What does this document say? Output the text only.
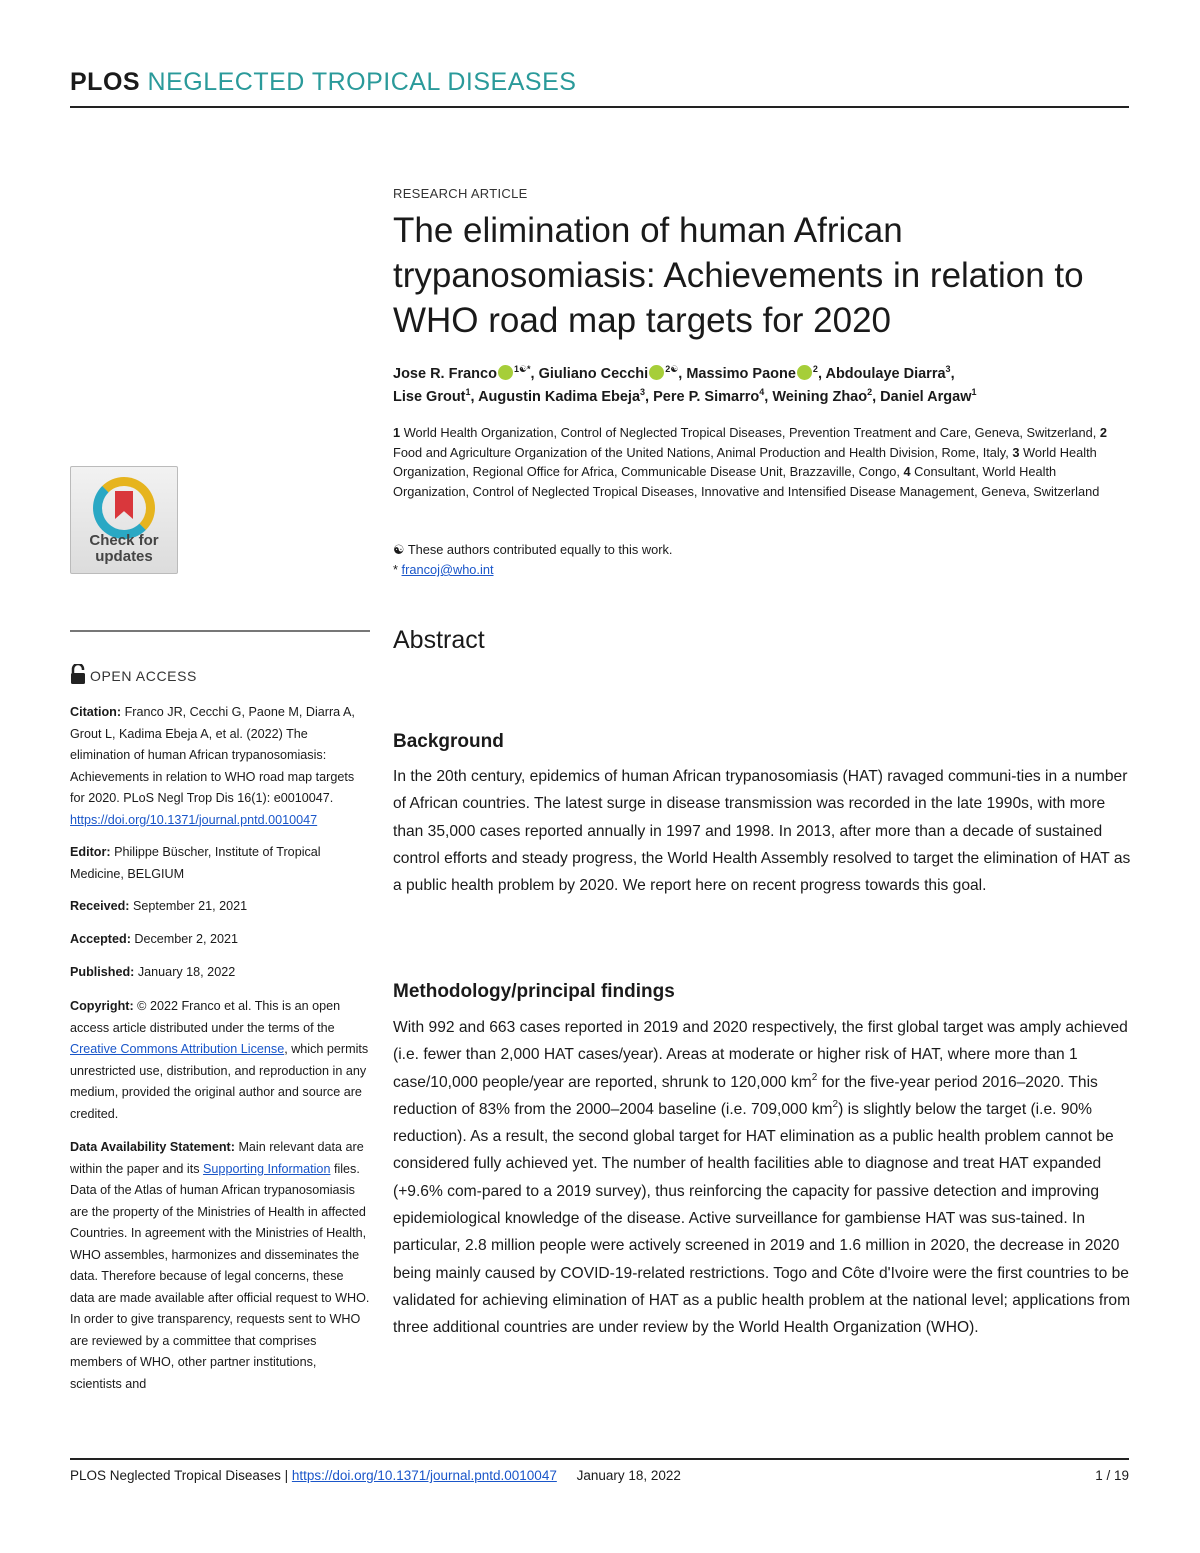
PLOS NEGLECTED TROPICAL DISEASES
Check for
updates
OPEN ACCESS
Citation: Franco JR, Cecchi G, Paone M, Diarra A, Grout L, Kadima Ebeja A, et al. (2022) The elimination of human African trypanosomiasis: Achievements in relation to WHO road map targets for 2020. PLoS Negl Trop Dis 16(1): e0010047. https://doi.org/10.1371/journal.pntd.0010047
Editor: Philippe Büscher, Institute of Tropical Medicine, BELGIUM
Received: September 21, 2021
Accepted: December 2, 2021
Published: January 18, 2022
Copyright: © 2022 Franco et al. This is an open access article distributed under the terms of the Creative Commons Attribution License, which permits unrestricted use, distribution, and reproduction in any medium, provided the original author and source are credited.
Data Availability Statement: Main relevant data are within the paper and its Supporting Information files. Data of the Atlas of human African trypanosomiasis are the property of the Ministries of Health in affected Countries. In agreement with the Ministries of Health, WHO assembles, harmonizes and disseminates the data. Therefore because of legal concerns, these data are made available after official request to WHO. In order to give transparency, requests sent to WHO are reviewed by a committee that comprises members of WHO, other partner institutions, scientists and
RESEARCH ARTICLE
The elimination of human African trypanosomiasis: Achievements in relation to WHO road map targets for 2020
Jose R. Franco $^{1☯*}$, Giuliano Cecchi $^{2☯}$, Massimo Paone $^2$, Abdoulaye Diarra$^3$,
Lise Grout$^1$, Augustin Kadima Ebeja$^3$, Pere P. Simarro$^4$, Weining Zhao$^2$, Daniel Argaw$^1$
1 World Health Organization, Control of Neglected Tropical Diseases, Prevention Treatment and Care, Geneva, Switzerland, 2 Food and Agriculture Organization of the United Nations, Animal Production and Health Division, Rome, Italy, 3 World Health Organization, Regional Office for Africa, Communicable Disease Unit, Brazzaville, Congo, 4 Consultant, World Health Organization, Control of Neglected Tropical Diseases, Innovative and Intensified Disease Management, Geneva, Switzerland
☯ These authors contributed equally to this work.
* francoj@who.int
Abstract
Background
In the 20th century, epidemics of human African trypanosomiasis (HAT) ravaged communi-ties in a number of African countries. The latest surge in disease transmission was recorded in the late 1990s, with more than 35,000 cases reported annually in 1997 and 1998. In 2013, after more than a decade of sustained control efforts and steady progress, the World Health Assembly resolved to target the elimination of HAT as a public health problem by 2020. We report here on recent progress towards this goal.
Methodology/principal findings
With 992 and 663 cases reported in 2019 and 2020 respectively, the first global target was amply achieved (i.e. fewer than 2,000 HAT cases/year). Areas at moderate or higher risk of HAT, where more than 1 case/10,000 people/year are reported, shrunk to 120,000 $km^2$ for the five-year period 2016–2020. This reduction of 83% from the 2000–2004 baseline (i.e. 709,000 $km^2$) is slightly below the target (i.e. 90% reduction). As a result, the second global target for HAT elimination as a public health problem cannot be considered fully achieved yet. The number of health facilities able to diagnose and treat HAT expanded (+9.6% com-pared to a 2019 survey), thus reinforcing the capacity for passive detection and improving epidemiological knowledge of the disease. Active surveillance for gambiense HAT was sus-tained. In particular, 2.8 million people were actively screened in 2019 and 1.6 million in 2020, the decrease in 2020 being mainly caused by COVID-19-related restrictions. Togo and Côte d'Ivoire were the first countries to be validated for achieving elimination of HAT as a public health problem at the national level; applications from three additional countries are under review by the World Health Organization (WHO).
PLOS Neglected Tropical Diseases | https://doi.org/10.1371/journal.pntd.0010047 January 18, 2022	1 / 19
